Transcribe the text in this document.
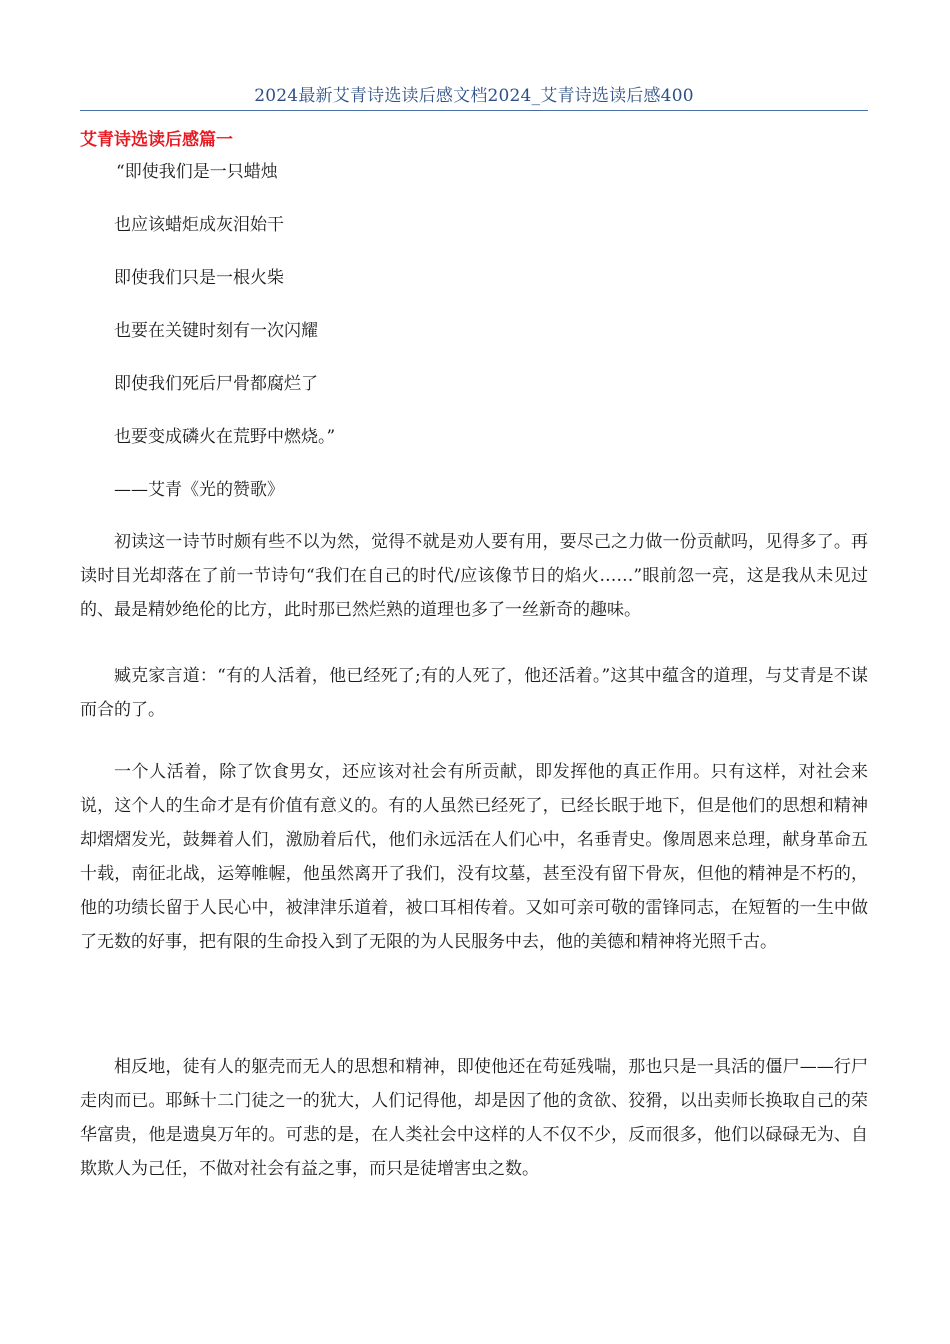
2024最新艾青诗选读后感文档2024_艾青诗选读后感400
艾青诗选读后感篇一
“即使我们是一只蜡烛
也应该蜡炬成灰泪始干
即使我们只是一根火柴
也要在关键时刻有一次闪耀
即使我们死后尸骨都腐烂了
也要变成磷火在荒野中燃烧。”
——艾青《光的赞歌》

初读这一诗节时颇有些不以为然，觉得不就是劝人要有用，要尽己之力做一份贡献吗，见得多了。再读时目光却落在了前一节诗句“我们在自己的时代/应该像节日的焰火……”眼前忽一亮，这是我从未见过的、最是精妙绝伦的比方，此时那已然烂熟的道理也多了一丝新奇的趣味。

臧克家言道：“有的人活着，他已经死了;有的人死了，他还活着。”这其中蕴含的道理，与艾青是不谋而合的了。

一个人活着，除了饮食男女，还应该对社会有所贡献，即发挥他的真正作用。只有这样，对社会来说，这个人的生命才是有价值有意义的。有的人虽然已经死了，已经长眠于地下，但是他们的思想和精神却熠熠发光，鼓舞着人们，激励着后代，他们永远活在人们心中，名垂青史。像周恩来总理，献身革命五十载，南征北战，运筹帷幄，他虽然离开了我们，没有坟墓，甚至没有留下骨灰，但他的精神是不朽的，他的功绩长留于人民心中，被津津乐道着，被口耳相传着。又如可亲可敬的雷锋同志，在短暂的一生中做了无数的好事，把有限的生命投入到了无限的为人民服务中去，他的美德和精神将光照千古。

相反地，徒有人的躯壳而无人的思想和精神，即使他还在苟延残喘，那也只是一具活的僵尸——行尸走肉而已。耶稣十二门徒之一的犹大，人们记得他，却是因了他的贪欲、狡猾，以出卖师长换取自己的荣华富贵，他是遗臭万年的。可悲的是，在人类社会中这样的人不仅不少，反而很多，他们以碌碌无为、自欺欺人为己任，不做对社会有益之事，而只是徒增害虫之数。
